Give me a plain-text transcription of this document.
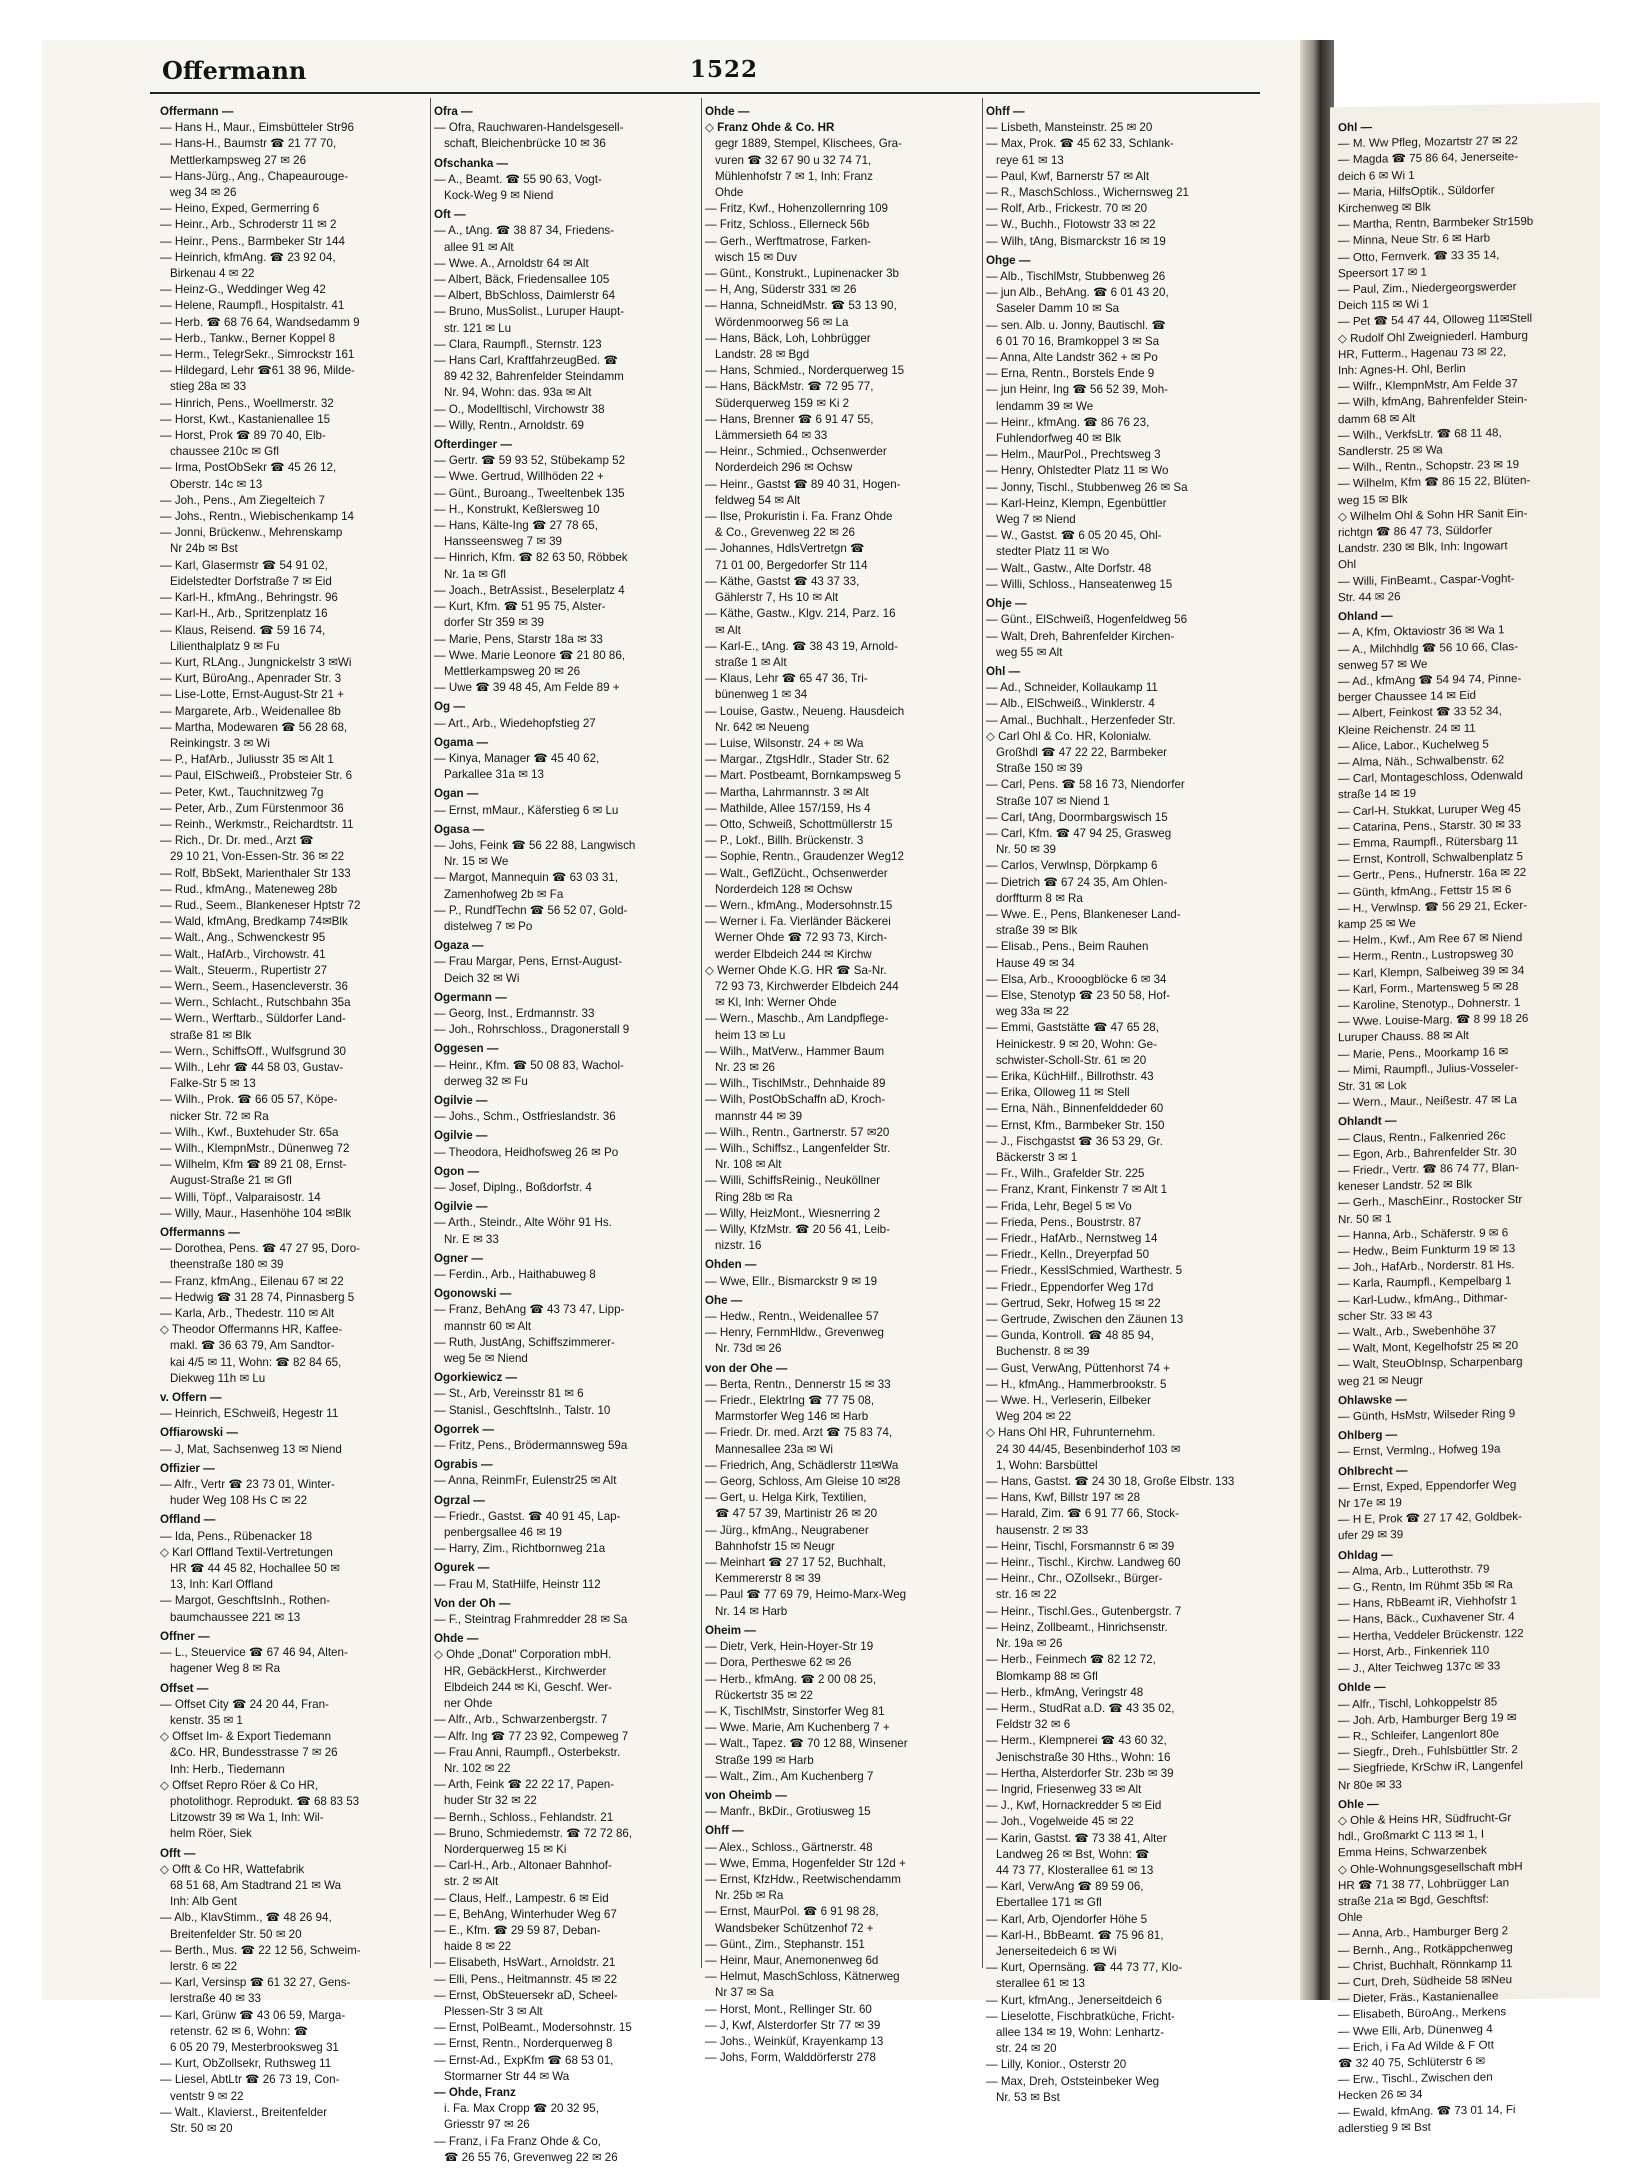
Offermann	1522
Offermann —
— Hans H., Maur., Eimsbütteler Str96
— Hans-H., Baumstr ☎ 21 77 70,
Mettlerkampsweg 27 ✉ 26
— Hans-Jürg., Ang., Chapeaurouge-
weg 34 ✉ 26
— Heino, Exped, Germerring 6
— Heinr., Arb., Schroderstr 11 ✉ 2
— Heinr., Pens., Barmbeker Str 144
— Heinrich, kfmAng. ☎ 23 92 04,
Birkenau 4 ✉ 22
— Heinz-G., Weddinger Weg 42
— Helene, Raumpfl., Hospitalstr. 41
— Herb. ☎ 68 76 64, Wandsedamm 9
— Herb., Tankw., Berner Koppel 8
— Herm., TelegrSekr., Simrockstr 161
— Hildegard, Lehr ☎61 38 96, Milde-
stieg 28a ✉ 33
— Hinrich, Pens., Woellmerstr. 32
— Horst, Kwt., Kastanienallee 15
— Horst, Prok ☎ 89 70 40, Elb-
chaussee 210c ✉ Gfl
— Irma, PostObSekr ☎ 45 26 12,
Oberstr. 14c ✉ 13
— Joh., Pens., Am Ziegelteich 7
— Johs., Rentn., Wiebischenkamp 14
— Jonni, Brückenw., Mehrenskamp
Nr 24b ✉ Bst
— Karl, Glasermstr ☎ 54 91 02,
Eidelstedter Dorfstraße 7 ✉ Eid
— Karl-H., kfmAng., Behringstr. 96
— Karl-H., Arb., Spritzenplatz 16
— Klaus, Reisend. ☎ 59 16 74,
Lilienthalplatz 9 ✉ Fu
— Kurt, RLAng., Jungnickelstr 3 ✉Wi
— Kurt, BüroAng., Apenrader Str. 3
— Lise-Lotte, Ernst-August-Str 21 +
— Margarete, Arb., Weidenallee 8b
— Martha, Modewaren ☎ 56 28 68,
Reinkingstr. 3 ✉ Wi
— P., HafArb., Juliusstr 35 ✉ Alt 1
— Paul, ElSchweiß., Probsteier Str. 6
— Peter, Kwt., Tauchnitzweg 7g
— Peter, Arb., Zum Fürstenmoor 36
— Reinh., Werkmstr., Reichardtstr. 11
— Rich., Dr. Dr. med., Arzt ☎
29 10 21, Von-Essen-Str. 36 ✉ 22
— Rolf, BbSekt, Marienthaler Str 133
— Rud., kfmAng., Mateneweg 28b
— Rud., Seem., Blankeneser Hptstr 72
— Wald, kfmAng, Bredkamp 74✉Blk
— Walt., Ang., Schwenckestr 95
— Walt., HafArb., Virchowstr. 41
— Walt., Steuerm., Rupertistr 27
— Wern., Seem., Hasencleverstr. 36
— Wern., Schlacht., Rutschbahn 35a
— Wern., Werftarb., Süldorfer Land-
straße 81 ✉ Blk
— Wern., SchiffsOff., Wulfsgrund 30
— Wilh., Lehr ☎ 44 58 03, Gustav-
Falke-Str 5 ✉ 13
— Wilh., Prok. ☎ 66 05 57, Köpe-
nicker Str. 72 ✉ Ra
— Wilh., Kwf., Buxtehuder Str. 65a
— Wilh., KlempnMstr., Dünenweg 72
— Wilhelm, Kfm ☎ 89 21 08, Ernst-
August-Straße 21 ✉ Gfl
— Willi, Töpf., Valparaisostr. 14
— Willy, Maur., Hasenhöhe 104 ✉Blk
Offermanns —
— Dorothea, Pens. ☎ 47 27 95, Doro-
theenstraße 180 ✉ 39
— Franz, kfmAng., Eilenau 67 ✉ 22
— Hedwig ☎ 31 28 74, Pinnasberg 5
— Karla, Arb., Thedestr. 110 ✉ Alt
◇ Theodor Offermanns HR, Kaffee-
makl. ☎ 36 63 79, Am Sandtor-
kai 4/5 ✉ 11, Wohn: ☎ 82 84 65,
Diekweg 11h ✉ Lu
v. Offern —
— Heinrich, ESchweiß, Hegestr 11
Offiarowski —
— J, Mat, Sachsenweg 13 ✉ Niend
Offizier —
— Alfr., Vertr ☎ 23 73 01, Winter-
huder Weg 108 Hs C ✉ 22
Offland —
— Ida, Pens., Rübenacker 18
◇ Karl Offland Textil-Vertretungen
HR ☎ 44 45 82, Hochallee 50 ✉
13, Inh: Karl Offland
— Margot, GeschftsInh., Rothen-
baumchaussee 221 ✉ 13
Offner —
— L., Steuervice ☎ 67 46 94, Alten-
hagener Weg 8 ✉ Ra
Offset —
— Offset City ☎ 24 20 44, Fran-
kenstr. 35 ✉ 1
◇ Offset Im- & Export Tiedemann
&Co. HR, Bundesstrasse 7 ✉ 26
Inh: Herb., Tiedemann
◇ Offset Repro Röer & Co HR,
photolithogr. Reprodukt. ☎ 68 83 53
Litzowstr 39 ✉ Wa 1, Inh: Wil-
helm Röer, Siek
Offt —
◇ Offt & Co HR, Wattefabrik
68 51 68, Am Stadtrand 21 ✉ Wa
Inh: Alb Gent
— Alb., KlavStimm., ☎ 48 26 94,
Breitenfelder Str. 50 ✉ 20
— Berth., Mus. ☎ 22 12 56, Schweim-
lerstr. 6 ✉ 22
— Karl, Versinsp ☎ 61 32 27, Gens-
lerstraße 40 ✉ 33
— Karl, Grünw ☎ 43 06 59, Marga-
retenstr. 62 ✉ 6, Wohn: ☎
6 05 20 79, Mesterbrooksweg 31
— Kurt, ObZollsekr, Ruthsweg 11
— Liesel, AbtLtr ☎ 26 73 19, Con-
ventstr 9 ✉ 22
— Walt., Klavierst., Breitenfelder
Str. 50 ✉ 20
Ofra —
— Ofra, Rauchwaren-Handelsgesell-
schaft, Bleichenbrücke 10 ✉ 36
Ofschanka —
— A., Beamt. ☎ 55 90 63, Vogt-
Kock-Weg 9 ✉ Niend
Oft —
— A., tAng. ☎ 38 87 34, Friedens-
allee 91 ✉ Alt
— Wwe. A., Arnoldstr 64 ✉ Alt
— Albert, Bäck, Friedensallee 105
— Albert, BbSchloss, Daimlerstr 64
— Bruno, MusSolist., Luruper Haupt-
str. 121 ✉ Lu
— Clara, Raumpfl., Sternstr. 123
— Hans Carl, KraftfahrzeugBed. ☎
89 42 32, Bahrenfelder Steindamm
Nr. 94, Wohn: das. 93a ✉ Alt
— O., Modelltischl, Virchowstr 38
— Willy, Rentn., Arnoldstr. 69
Ofterdinger —
— Gertr. ☎ 59 93 52, Stübekamp 52
— Wwe. Gertrud, Willhöden 22 +
— Günt., Buroang., Tweeltenbek 135
— H., Konstrukt, Keßlersweg 10
— Hans, Kälte-Ing ☎ 27 78 65,
Hansseensweg 7 ✉ 39
— Hinrich, Kfm. ☎ 82 63 50, Röbbek
Nr. 1a ✉ Gfl
— Joach., BetrAssist., Beselerplatz 4
— Kurt, Kfm. ☎ 51 95 75, Alster-
dorfer Str 359 ✉ 39
— Marie, Pens, Starstr 18a ✉ 33
— Wwe. Marie Leonore ☎ 21 80 86,
Mettlerkampsweg 20 ✉ 26
— Uwe ☎ 39 48 45, Am Felde 89 +
Og —
— Art., Arb., Wiedehopfstieg 27
Ogama —
— Kinya, Manager ☎ 45 40 62,
Parkallee 31a ✉ 13
Ogan —
— Ernst, mMaur., Käferstieg 6 ✉ Lu
Ogasa —
— Johs, Feink ☎ 56 22 88, Langwisch
Nr. 15 ✉ We
— Margot, Mannequin ☎ 63 03 31,
Zamenhofweg 2b ✉ Fa
— P., RundfTechn ☎ 56 52 07, Gold-
distelweg 7 ✉ Po
Ogaza —
— Frau Margar, Pens, Ernst-August-
Deich 32 ✉ Wi
Ogermann —
— Georg, Inst., Erdmannstr. 33
— Joh., Rohrschloss., Dragonerstall 9
Oggesen —
— Heinr., Kfm. ☎ 50 08 83, Wachol-
derweg 32 ✉ Fu
Ogilvie —
— Johs., Schm., Ostfrieslandstr. 36
Ogilvie —
— Theodora, Heidhofsweg 26 ✉ Po
Ogon —
— Josef, Diplng., Boßdorfstr. 4
Ogilvie —
— Arth., Steindr., Alte Wöhr 91 Hs.
Nr. E ✉ 33
Ogner —
— Ferdin., Arb., Haithabuweg 8
Ogonowski —
— Franz, BehAng ☎ 43 73 47, Lipp-
mannstr 60 ✉ Alt
— Ruth, JustAng, Schiffszimmerer-
weg 5e ✉ Niend
Ogorkiewicz —
— St., Arb, Vereinsstr 81 ✉ 6
— Stanisl., Geschftslnh., Talstr. 10
Ogorrek —
— Fritz, Pens., Brödermannsweg 59a
Ograbis —
— Anna, ReinmFr, Eulenstr25 ✉ Alt
Ogrzal —
— Friedr., Gastst. ☎ 40 91 45, Lap-
penbergsallee 46 ✉ 19
— Harry, Zim., Richtbornweg 21a
Ogurek —
— Frau M, StatHilfe, Heinstr 112
Von der Oh —
— F., Steintrag Frahmredder 28 ✉ Sa
Ohde —
◇ Ohde „Donat" Corporation mbH.
HR, GebäckHerst., Kirchwerder
Elbdeich 244 ✉ Ki, Geschf. Wer-
ner Ohde
— Alfr., Arb., Schwarzenbergstr. 7
— Alfr. Ing ☎ 77 23 92, Compeweg 7
— Frau Anni, Raumpfl., Osterbekstr.
Nr. 102 ✉ 22
— Arth, Feink ☎ 22 22 17, Papen-
huder Str 32 ✉ 22
— Bernh., Schloss., Fehlandstr. 21
— Bruno, Schmiedemstr. ☎ 72 72 86,
Norderquerweg 15 ✉ Ki
— Carl-H., Arb., Altonaer Bahnhof-
str. 2 ✉ Alt
— Claus, Helf., Lampestr. 6 ✉ Eid
— E, BehAng, Winterhuder Weg 67
— E., Kfm. ☎ 29 59 87, Deban-
haide 8 ✉ 22
— Elisabeth, HsWart., Arnoldstr. 21
— Elli, Pens., Heitmannstr. 45 ✉ 22
— Ernst, ObSteuersekr aD, Scheel-
Plessen-Str 3 ✉ Alt
— Ernst, PolBeamt., Modersohnstr. 15
— Ernst, Rentn., Norderquerweg 8
— Ernst-Ad., ExpKfm ☎ 68 53 01,
Stormarner Str 44 ✉ Wa
— Ohde, Franz
i. Fa. Max Cropp ☎ 20 32 95,
Griesstr 97 ✉ 26
— Franz, i Fa Franz Ohde & Co,
☎ 26 55 76, Grevenweg 22 ✉ 26
Ohde —
◇ Franz Ohde & Co. HR
gegr 1889, Stempel, Klischees, Gra-
vuren ☎ 32 67 90 u 32 74 71,
Mühlenhofstr 7 ✉ 1, Inh: Franz
Ohde
— Fritz, Kwf., Hohenzollernring 109
— Fritz, Schloss., Ellerneck 56b
— Gerh., Werftmatrose, Farken-
wisch 15 ✉ Duv
— Günt., Konstrukt., Lupinenacker 3b
— H, Ang, Süderstr 331 ✉ 26
— Hanna, SchneidMstr. ☎ 53 13 90,
Wördenmoorweg 56 ✉ La
— Hans, Bäck, Loh, Lohbrügger
Landstr. 28 ✉ Bgd
— Hans, Schmied., Norderquerweg 15
— Hans, BäckMstr. ☎ 72 95 77,
Süderquerweg 159 ✉ Ki 2
— Hans, Brenner ☎ 6 91 47 55,
Lämmersieth 64 ✉ 33
— Heinr., Schmied., Ochsenwerder
Norderdeich 296 ✉ Ochsw
— Heinr., Gastst ☎ 89 40 31, Hogen-
feldweg 54 ✉ Alt
— Ilse, Prokuristin i. Fa. Franz Ohde
& Co., Grevenweg 22 ✉ 26
— Johannes, HdlsVertretgn ☎
71 01 00, Bergedorfer Str 114
— Käthe, Gastst ☎ 43 37 33,
Gählerstr 7, Hs 10 ✉ Alt
— Käthe, Gastw., Klgv. 214, Parz. 16
✉ Alt
— Karl-E., tAng. ☎ 38 43 19, Arnold-
straße 1 ✉ Alt
— Klaus, Lehr ☎ 65 47 36, Tri-
bünenweg 1 ✉ 34
— Louise, Gastw., Neueng. Hausdeich
Nr. 642 ✉ Neueng
— Luise, Wilsonstr. 24 + ✉ Wa
— Margar., ZtgsHdlr., Stader Str. 62
— Mart. Postbeamt, Bornkampsweg 5
— Martha, Lahrmannstr. 3 ✉ Alt
— Mathilde, Allee 157/159, Hs 4
— Otto, Schweiß, Schottmüllerstr 15
— P., Lokf., Billh. Brückenstr. 3
— Sophie, Rentn., Graudenzer Weg12
— Walt., GeflZücht., Ochsenwerder
Norderdeich 128 ✉ Ochsw
— Wern., kfmAng., Modersohnstr.15
— Werner i. Fa. Vierländer Bäckerei
Werner Ohde ☎ 72 93 73, Kirch-
werder Elbdeich 244 ✉ Kirchw
◇ Werner Ohde K.G. HR ☎ Sa-Nr.
72 93 73, Kirchwerder Elbdeich 244
✉ Kl, Inh: Werner Ohde
— Wern., Maschb., Am Landpflege-
heim 13 ✉ Lu
— Wilh., MatVerw., Hammer Baum
Nr. 23 ✉ 26
— Wilh., TischlMstr., Dehnhaide 89
— Wilh, PostObSchaffn aD, Kroch-
mannstr 44 ✉ 39
— Wilh., Rentn., Gartnerstr. 57 ✉20
— Wilh., Schiffsz., Langenfelder Str.
Nr. 108 ✉ Alt
— Willi, SchiffsReinig., Neuköllner
Ring 28b ✉ Ra
— Willy, HeizMont., Wiesnerring 2
— Willy, KfzMstr. ☎ 20 56 41, Leib-
nizstr. 16
Ohden —
— Wwe, Ellr., Bismarckstr 9 ✉ 19
Ohe —
— Hedw., Rentn., Weidenallee 57
— Henry, FernmHldw., Grevenweg
Nr. 73d ✉ 26
von der Ohe —
— Berta, Rentn., Dennerstr 15 ✉ 33
— Friedr., ElektrIng ☎ 77 75 08,
Marmstorfer Weg 146 ✉ Harb
— Friedr. Dr. med. Arzt ☎ 75 83 74,
Mannesallee 23a ✉ Wi
— Friedrich, Ang, Schädlerstr 11✉Wa
— Georg, Schloss, Am Gleise 10 ✉28
— Gert, u. Helga Kirk, Textilien,
☎ 47 57 39, Martinistr 26 ✉ 20
— Jürg., kfmAng., Neugrabener
Bahnhofstr 15 ✉ Neugr
— Meinhart ☎ 27 17 52, Buchhalt,
Kemmererstr 8 ✉ 39
— Paul ☎ 77 69 79, Heimo-Marx-Weg
Nr. 14 ✉ Harb
Oheim —
— Dietr, Verk, Hein-Hoyer-Str 19
— Dora, Pertheswe 62 ✉ 26
— Herb., kfmAng. ☎ 2 00 08 25,
Rückertstr 35 ✉ 22
— K, TischlMstr, Sinstorfer Weg 81
— Wwe. Marie, Am Kuchenberg 7 +
— Walt., Tapez. ☎ 70 12 88, Winsener
Straße 199 ✉ Harb
— Walt., Zim., Am Kuchenberg 7
von Oheimb —
— Manfr., BkDir., Grotiusweg 15
Ohff —
— Alex., Schloss., Gärtnerstr. 48
— Wwe, Emma, Hogenfelder Str 12d +
— Ernst, KfzHdw., Reetwischendamm
Nr. 25b ✉ Ra
— Ernst, MaurPol. ☎ 6 91 98 28,
Wandsbeker Schützenhof 72 +
— Günt., Zim., Stephanstr. 151
— Heinr, Maur, Anemonenweg 6d
— Helmut, MaschSchloss, Kätnerweg
Nr 37 ✉ Sa
— Horst, Mont., Rellinger Str. 60
— J, Kwf, Alsterdorfer Str 77 ✉ 39
— Johs., Weinküf, Krayenkamp 13
— Johs, Form, Walddörferstr 278
Ohff —
— Lisbeth, Mansteinstr. 25 ✉ 20
— Max, Prok. ☎ 45 62 33, Schlank-
reye 61 ✉ 13
— Paul, Kwf, Barnerstr 57 ✉ Alt
— R., MaschSchloss., Wichernsweg 21
— Rolf, Arb., Frickestr. 70 ✉ 20
— W., Buchh., Flotowstr 33 ✉ 22
— Wilh, tAng, Bismarckstr 16 ✉ 19
Ohge —
— Alb., TischlMstr, Stubbenweg 26
— jun Alb., BehAng. ☎ 6 01 43 20,
Saseler Damm 10 ✉ Sa
— sen. Alb. u. Jonny, Bautischl. ☎
6 01 70 16, Bramkoppel 3 ✉ Sa
— Anna, Alte Landstr 362 + ✉ Po
— Erna, Rentn., Borstels Ende 9
— jun Heinr, Ing ☎ 56 52 39, Moh-
lendamm 39 ✉ We
— Heinr., kfmAng. ☎ 86 76 23,
Fuhlendorfweg 40 ✉ Blk
— Helm., MaurPol., Prechtsweg 3
— Henry, Ohlstedter Platz 11 ✉ Wo
— Jonny, Tischl., Stubbenweg 26 ✉ Sa
— Karl-Heinz, Klempn, Egenbüttler
Weg 7 ✉ Niend
— W., Gastst. ☎ 6 05 20 45, Ohl-
stedter Platz 11 ✉ Wo
— Walt., Gastw., Alte Dorfstr. 48
— Willi, Schloss., Hanseatenweg 15
Ohje —
— Günt., ElSchweiß, Hogenfeldweg 56
— Walt, Dreh, Bahrenfelder Kirchen-
weg 55 ✉ Alt
Ohl —
— Ad., Schneider, Kollaukamp 11
— Alb., ElSchweiß., Winklerstr. 4
— Amal., Buchhalt., Herzenfeder Str.
◇ Carl Ohl & Co. HR, Kolonialw.
Großhdl ☎ 47 22 22, Barmbeker
Straße 150 ✉ 39
— Carl, Pens. ☎ 58 16 73, Niendorfer
Straße 107 ✉ Niend 1
— Carl, tAng, Doormbargswisch 15
— Carl, Kfm. ☎ 47 94 25, Grasweg
Nr. 50 ✉ 39
— Carlos, Verwlnsp, Dörpkamp 6
— Dietrich ☎ 67 24 35, Am Ohlen-
dorffturm 8 ✉ Ra
— Wwe. E., Pens, Blankeneser Land-
straße 39 ✉ Blk
— Elisab., Pens., Beim Rauhen
Hause 49 ✉ 34
— Elsa, Arb., Krooogblöcke 6 ✉ 34
— Else, Stenotyp ☎ 23 50 58, Hof-
weg 33a ✉ 22
— Emmi, Gaststätte ☎ 47 65 28,
Heinickestr. 9 ✉ 20, Wohn: Ge-
schwister-Scholl-Str. 61 ✉ 20
— Erika, KüchHilf., Billrothstr. 43
— Erika, Olloweg 11 ✉ Stell
— Erna, Näh., Binnenfelddeder 60
— Ernst, Kfm., Barmbeker Str. 150
— J., Fischgastst ☎ 36 53 29, Gr.
Bäckerstr 3 ✉ 1
— Fr., Wilh., Grafelder Str. 225
— Franz, Krant, Finkenstr 7 ✉ Alt 1
— Frida, Lehr, Begel 5 ✉ Vo
— Frieda, Pens., Boustrstr. 87
— Friedr., HafArb., Nernstweg 14
— Friedr., Kelln., Dreyerpfad 50
— Friedr., KesslSchmied, Warthestr. 5
— Friedr., Eppendorfer Weg 17d
— Gertrud, Sekr, Hofweg 15 ✉ 22
— Gertrude, Zwischen den Zäunen 13
— Gunda, Kontroll. ☎ 48 85 94,
Buchenstr. 8 ✉ 39
— Gust, VerwAng, Püttenhorst 74 +
— H., kfmAng., Hammerbrookstr. 5
— Wwe. H., Verleserin, Eilbeker
Weg 204 ✉ 22
◇ Hans Ohl HR, Fuhrunternehm.
24 30 44/45, Besenbinderhof 103 ✉
1, Wohn: Barsbüttel
— Hans, Gastst. ☎ 24 30 18, Große Elbstr. 133
— Hans, Kwf, Billstr 197 ✉ 28
— Harald, Zim. ☎ 6 91 77 66, Stock-
hausenstr. 2 ✉ 33
— Heinr, Tischl, Forsmannstr 6 ✉ 39
— Heinr., Tischl., Kirchw. Landweg 60
— Heinr., Chr., OZollsekr., Bürger-
str. 16 ✉ 22
— Heinr., Tischl.Ges., Gutenbergstr. 7
— Heinz, Zollbeamt., Hinrichsenstr.
Nr. 19a ✉ 26
— Herb., Feinmech ☎ 82 12 72,
Blomkamp 88 ✉ Gfl
— Herb., kfmAng, Veringstr 48
— Herm., StudRat a.D. ☎ 43 35 02,
Feldstr 32 ✉ 6
— Herm., Klempnerei ☎ 43 60 32,
Jenischstraße 30 Hths., Wohn: 16
— Hertha, Alsterdorfer Str. 23b ✉ 39
— Ingrid, Friesenweg 33 ✉ Alt
— J., Kwf, Hornackredder 5 ✉ Eid
— Joh., Vogelweide 45 ✉ 22
— Karin, Gastst. ☎ 73 38 41, Alter
Landweg 26 ✉ Bst, Wohn: ☎
44 73 77, Klosterallee 61 ✉ 13
— Karl, VerwAng ☎ 89 59 06,
Ebertallee 171 ✉ Gfl
— Karl, Arb, Ojendorfer Höhe 5
— Karl-H., BbBeamt. ☎ 75 96 81,
Jenerseitedeich 6 ✉ Wi
— Kurt, Opernsäng. ☎ 44 73 77, Klo-
sterallee 61 ✉ 13
— Kurt, kfmAng., Jenerseitdeich 6
— Lieselotte, Fischbratküche, Fricht-
allee 134 ✉ 19, Wohn: Lenhartz-
str. 24 ✉ 20
— Lilly, Konior., Osterstr 20
— Max, Dreh, Oststeinbeker Weg
Nr. 53 ✉ Bst
Ohl —
— M. Ww Pfleg, Mozartstr 27 ✉ 22
— Magda ☎ 75 86 64, Jenerseite-
deich 6 ✉ Wi 1
— Maria, HilfsOptik., Süldorfer
Kirchenweg ✉ Blk
— Martha, Rentn, Barmbeker Str159b
— Minna, Neue Str. 6 ✉ Harb
— Otto, Fernverk. ☎ 33 35 14,
Speersort 17 ✉ 1
— Paul, Zim., Niedergeorgswerder
Deich 115 ✉ Wi 1
— Pet ☎ 54 47 44, Olloweg 11✉Stell
◇ Rudolf Ohl Zweigniederl. Hamburg
HR, Futterm., Hagenau 73 ✉ 22,
Inh: Agnes-H. Ohl, Berlin
— Wilfr., KlempnMstr, Am Felde 37
— Wilh, kfmAng, Bahrenfelder Stein-
damm 68 ✉ Alt
— Wilh., VerkfsLtr. ☎ 68 11 48,
Sandlerstr. 25 ✉ Wa
— Wilh., Rentn., Schopstr. 23 ✉ 19
— Wilhelm, Kfm ☎ 86 15 22, Blüten-
weg 15 ✉ Blk
◇ Wilhelm Ohl & Sohn HR Sanit Ein-
richtgn ☎ 86 47 73, Süldorfer
Landstr. 230 ✉ Blk, Inh: Ingowart
Ohl
— Willi, FinBeamt., Caspar-Voght-
Str. 44 ✉ 26
Ohland —
— A, Kfm, Oktaviostr 36 ✉ Wa 1
— A., Milchhdlg ☎ 56 10 66, Clas-
senweg 57 ✉ We
— Ad., kfmAng ☎ 54 94 74, Pinne-
berger Chaussee 14 ✉ Eid
— Albert, Feinkost ☎ 33 52 34,
Kleine Reichenstr. 24 ✉ 11
— Alice, Labor., Kuchelweg 5
— Alma, Näh., Schwalbenstr. 62
— Carl, Montageschloss, Odenwald
straße 14 ✉ 19
— Carl-H. Stukkat, Luruper Weg 45
— Catarina, Pens., Starstr. 30 ✉ 33
— Emma, Raumpfl., Rütersbarg 11
— Ernst, Kontroll, Schwalbenplatz 5
— Gertr., Pens., Hufnerstr. 16a ✉ 22
— Günth, kfmAng., Fettstr 15 ✉ 6
— H., Verwlnsp. ☎ 56 29 21, Ecker-
kamp 25 ✉ We
— Helm., Kwf., Am Ree 67 ✉ Niend
— Herm., Rentn., Lustropsweg 30
— Karl, Klempn, Salbeiweg 39 ✉ 34
— Karl, Form., Martensweg 5 ✉ 28
— Karoline, Stenotyp., Dohnerstr. 1
— Wwe. Louise-Marg. ☎ 8 99 18 26
Luruper Chauss. 88 ✉ Alt
— Marie, Pens., Moorkamp 16 ✉
— Mimi, Raumpfl., Julius-Vosseler-
Str. 31 ✉ Lok
— Wern., Maur., Neißestr. 47 ✉ La
Ohlandt —
— Claus, Rentn., Falkenried 26c
— Egon, Arb., Bahrenfelder Str. 30
— Friedr., Vertr. ☎ 86 74 77, Blan-
keneser Landstr. 52 ✉ Blk
— Gerh., MaschEinr., Rostocker Str
Nr. 50 ✉ 1
— Hanna, Arb., Schäferstr. 9 ✉ 6
— Hedw., Beim Funkturm 19 ✉ 13
— Joh., HafArb., Norderstr. 81 Hs.
— Karla, Raumpfl., Kempelbarg 1
— Karl-Ludw., kfmAng., Dithmar-
scher Str. 33 ✉ 43
— Walt., Arb., Swebenhöhe 37
— Walt, Mont, Kegelhofstr 25 ✉ 20
— Walt, SteuObInsp, Scharpenbarg
weg 21 ✉ Neugr
Ohlawske —
— Günth, HsMstr, Wilseder Ring 9
Ohlberg —
— Ernst, Vermlng., Hofweg 19a
Ohlbrecht —
— Ernst, Exped, Eppendorfer Weg
Nr 17e ✉ 19
— H E, Prok ☎ 27 17 42, Goldbek-
ufer 29 ✉ 39
Ohldag —
— Alma, Arb., Lutterothstr. 79
— G., Rentn, Im Rühmt 35b ✉ Ra
— Hans, RbBeamt iR, Viehhofstr 1
— Hans, Bäck., Cuxhavener Str. 4
— Hertha, Veddeler Brückenstr. 122
— Horst, Arb., Finkenriek 110
— J., Alter Teichweg 137c ✉ 33
Ohlde —
— Alfr., Tischl, Lohkoppelstr 85
— Joh. Arb, Hamburger Berg 19 ✉
— R., Schleifer, Langenlort 80e
— Siegfr., Dreh., Fuhlsbüttler Str. 2
— Siegfriede, KrSchw iR, Langenfel
Nr 80e ✉ 33
Ohle —
◇ Ohle & Heins HR, Südfrucht-Gr
hdl., Großmarkt C 113 ✉ 1, I
Emma Heins, Schwarzenbek
◇ Ohle-Wohnungsgesellschaft mbH
HR ☎ 71 38 77, Lohbrügger Lan
straße 21a ✉ Bgd, Geschftsf:
Ohle
— Anna, Arb., Hamburger Berg 2
— Bernh., Ang., Rotkäppchenweg
— Christ, Buchhalt, Rönnkamp 11
— Curt, Dreh, Südheide 58 ✉Neu
— Dieter, Fräs., Kastanienallee
— Elisabeth, BüroAng., Merkens
— Wwe Elli, Arb, Dünenweg 4
— Erich, i Fa Ad Wilde & F Ott
☎ 32 40 75, Schlüterstr 6 ✉
— Erw., Tischl., Zwischen den
Hecken 26 ✉ 34
— Ewald, kfmAng. ☎ 73 01 14, Fi
adlerstieg 9 ✉ Bst
